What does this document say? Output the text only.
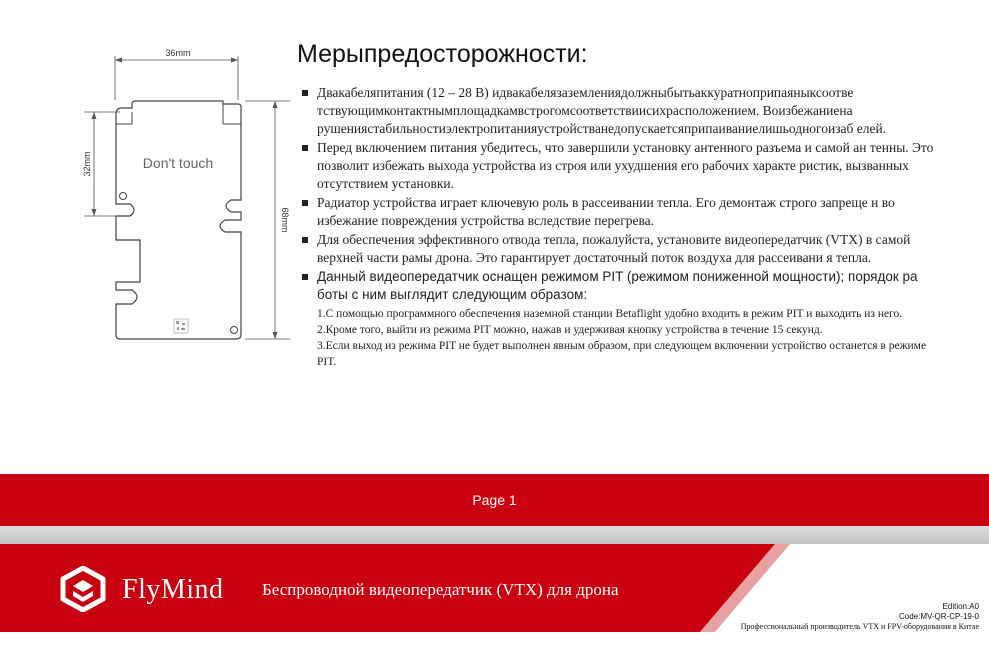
36mm
32mm
68mm
Don't touch
Мерыпредосторожности:
Двакабеляпитания (12 – 28 В) идвакабелязаземлениядолжныбытьаккуратноприпаяныксоотве тствующимконтактнымплощадкамвстрогомсоответствиисихрасположением. Воизбежаниена рушениястабильностиэлектропитанияустройстванедопускаетсяприпаиваниелишьодногоизаб елей.
Перед включением питания убедитесь, что завершили установку антенного разъема и самой ан тенны. Это позволит избежать выхода устройства из строя или ухудшения его рабочих характе ристик, вызванных отсутствием установки.
Радиатор устройства играет ключевую роль в рассеивании тепла. Его демонтаж строго запреще н во избежание повреждения устройства вследствие перегрева.
Для обеспечения эффективного отвода тепла, пожалуйста, установите видеопередатчик (VTX) в самой верхней части рамы дрона. Это гарантирует достаточный поток воздуха для рассеивани я тепла.
Данный видеопередатчик оснащен режимом PIT (режимом пониженной мощности); порядок ра боты с ним выглядит следующим образом:
1.С помощью программного обеспечения наземной станции Betaflight удобно входить в режим PIT и выходить из него.
2.Кроме того, выйти из режима PIT можно, нажав и удерживая кнопку устройства в течение 15 секунд.
3.Если выход из режима PIT не будет выполнен явным образом, при следующем включении устройство останется в режиме PIT.
Page 1
FlyMind Беспроводной видеопередатчик (VTX) для дрона
Edition:A0
Code:MV-QR-CP-19-0
Профессиональный производитель VTX и FPV-оборудования в Китае
